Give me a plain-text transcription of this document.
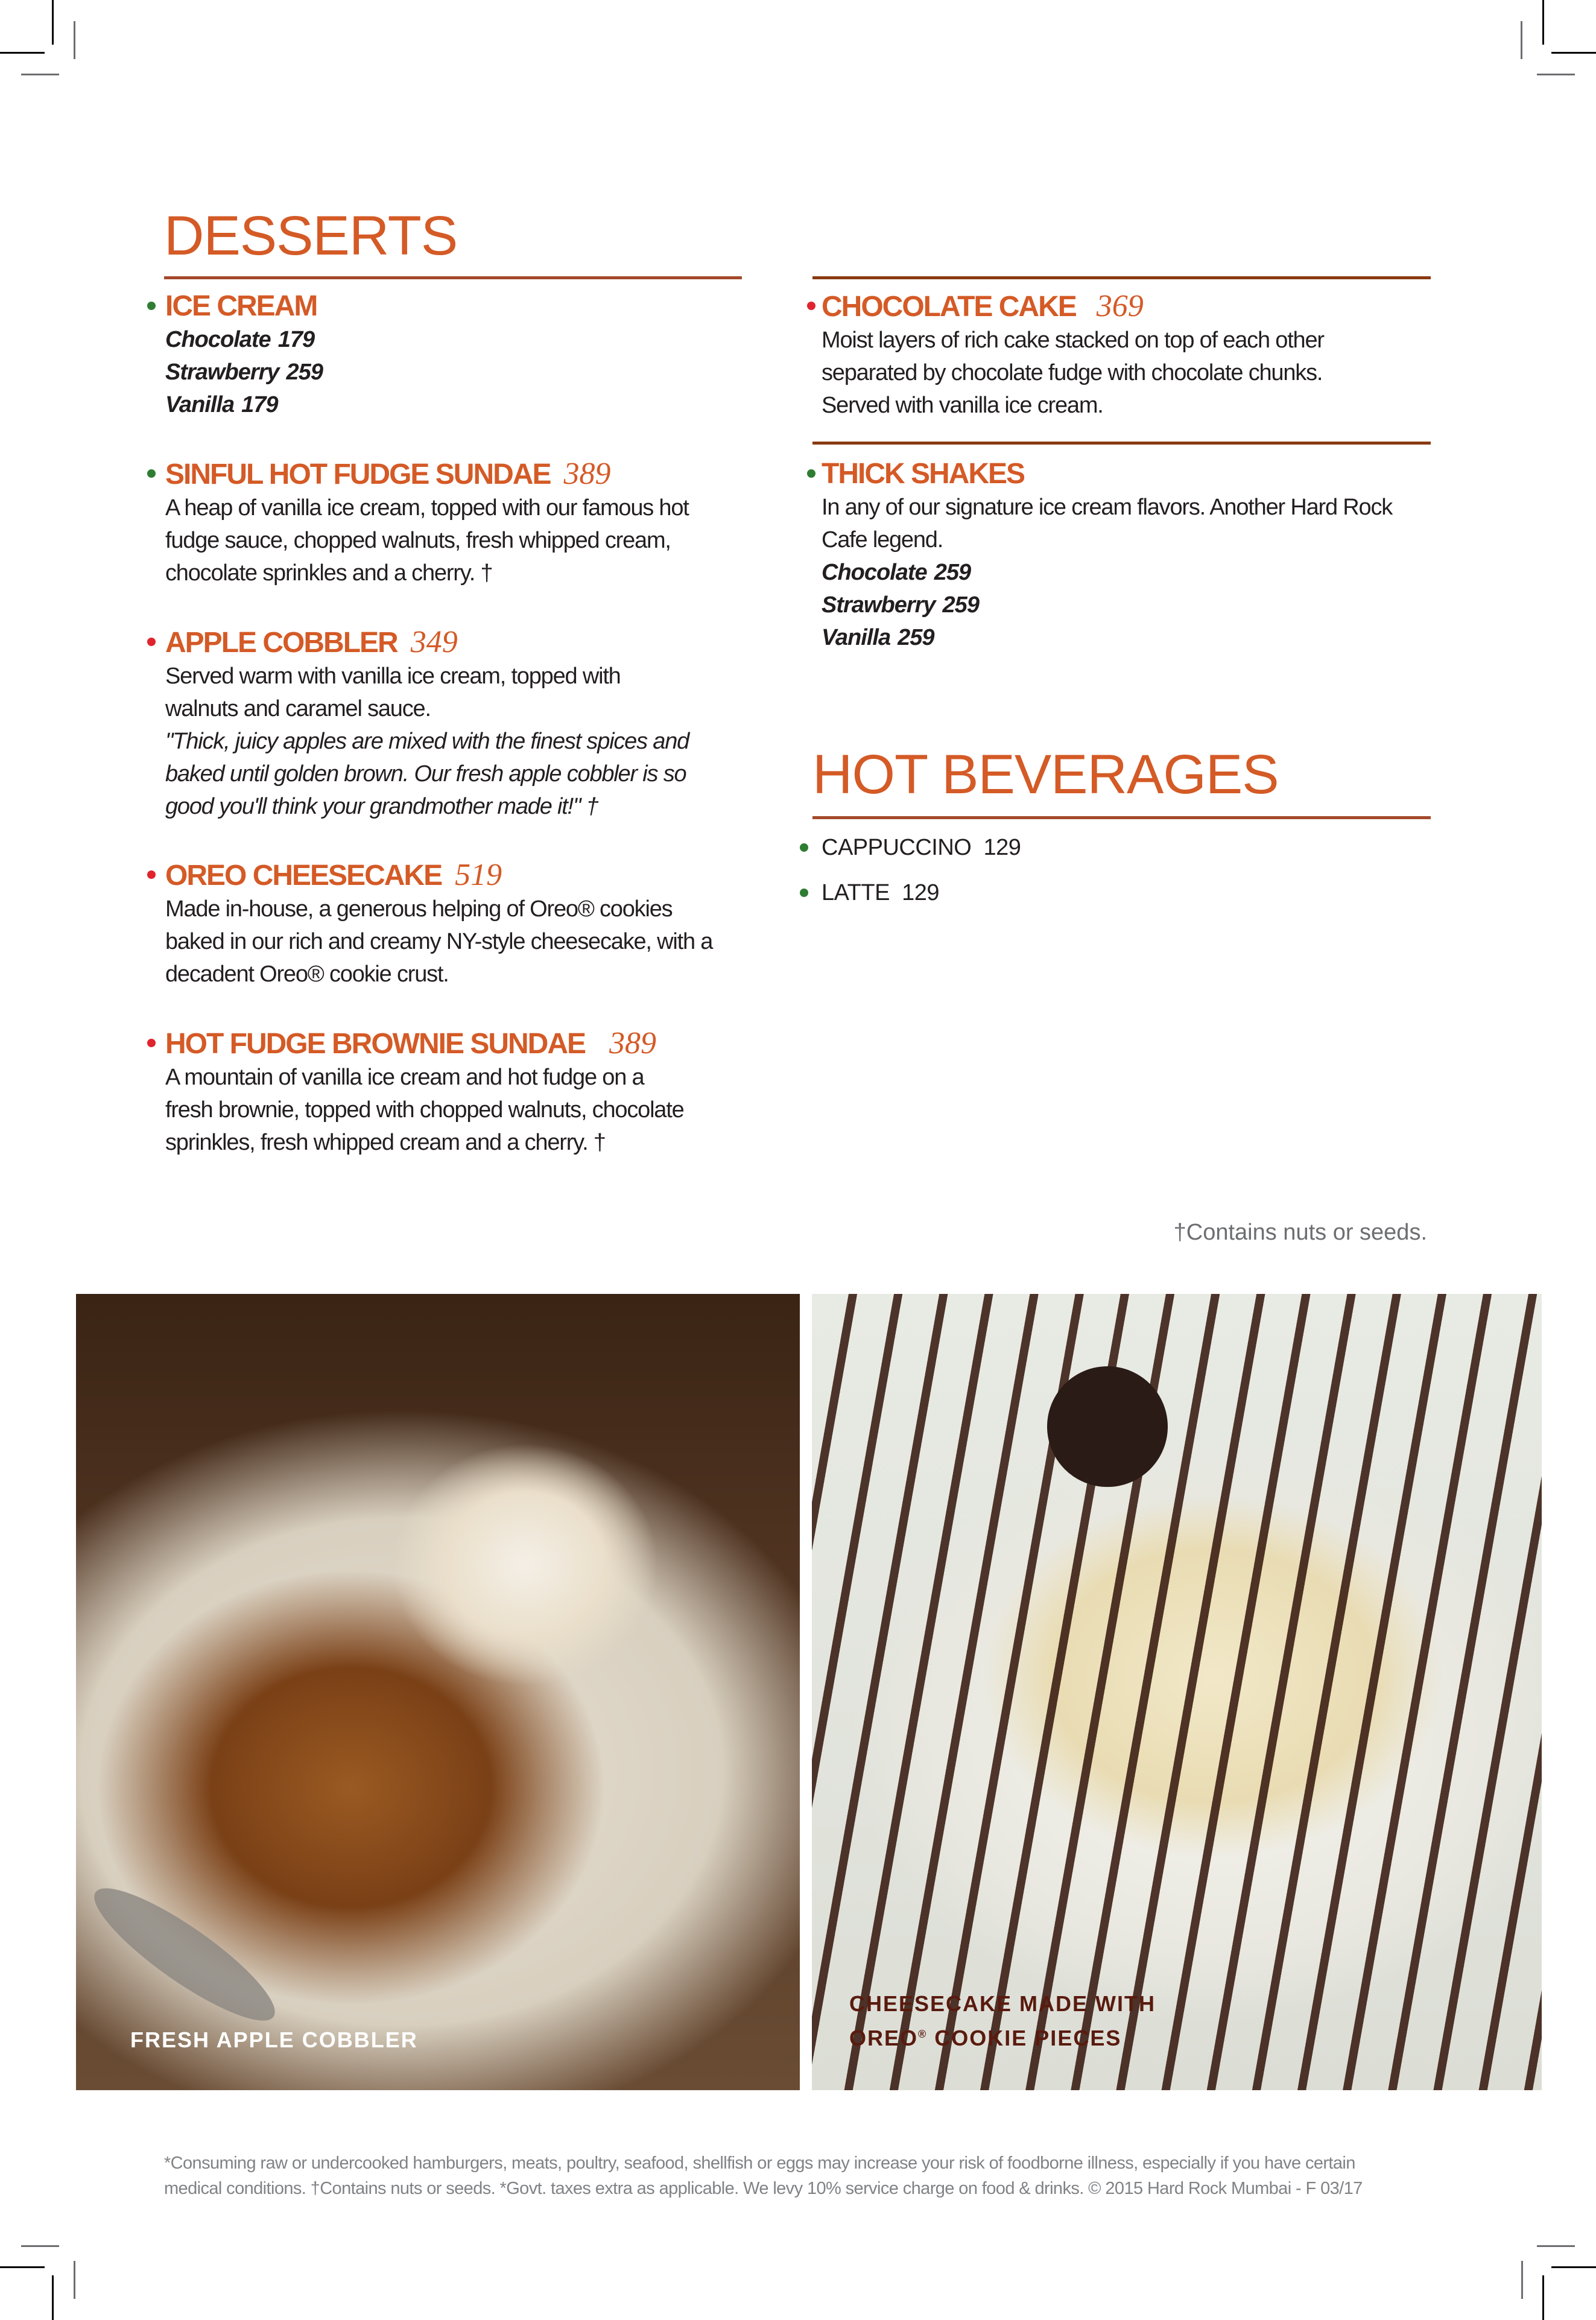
DESSERTS
ICE CREAM
Chocolate 179
Strawberry 259
Vanilla 179
SINFUL HOT FUDGE SUNDAE 389
A heap of vanilla ice cream, topped with our famous hot
fudge sauce, chopped walnuts, fresh whipped cream,
chocolate sprinkles and a cherry. †
APPLE COBBLER 349
Served warm with vanilla ice cream, topped with
walnuts and caramel sauce.
"Thick, juicy apples are mixed with the finest spices and
baked until golden brown. Our fresh apple cobbler is so
good you'll think your grandmother made it!" †
OREO CHEESECAKE 519
Made in-house, a generous helping of Oreo® cookies
baked in our rich and creamy NY-style cheesecake, with a
decadent Oreo® cookie crust.
HOT FUDGE BROWNIE SUNDAE 389
A mountain of vanilla ice cream and hot fudge on a
fresh brownie, topped with chopped walnuts, chocolate
sprinkles, fresh whipped cream and a cherry. †
CHOCOLATE CAKE 369
Moist layers of rich cake stacked on top of each other
separated by chocolate fudge with chocolate chunks.
Served with vanilla ice cream.
THICK SHAKES
In any of our signature ice cream flavors. Another Hard Rock
Cafe legend.
Chocolate 259
Strawberry 259
Vanilla 259
HOT BEVERAGES
CAPPUCCINO 129
LATTE 129
†Contains nuts or seeds.
FRESH APPLE COBBLER
CHEESECAKE MADE WITH
OREO® COOKIE PIECES
*Consuming raw or undercooked hamburgers, meats, poultry, seafood, shellfish or eggs may increase your risk of foodborne illness, especially if you have certain
medical conditions. †Contains nuts or seeds. *Govt. taxes extra as applicable. We levy 10% service charge on food & drinks. © 2015 Hard Rock Mumbai - F 03/17
